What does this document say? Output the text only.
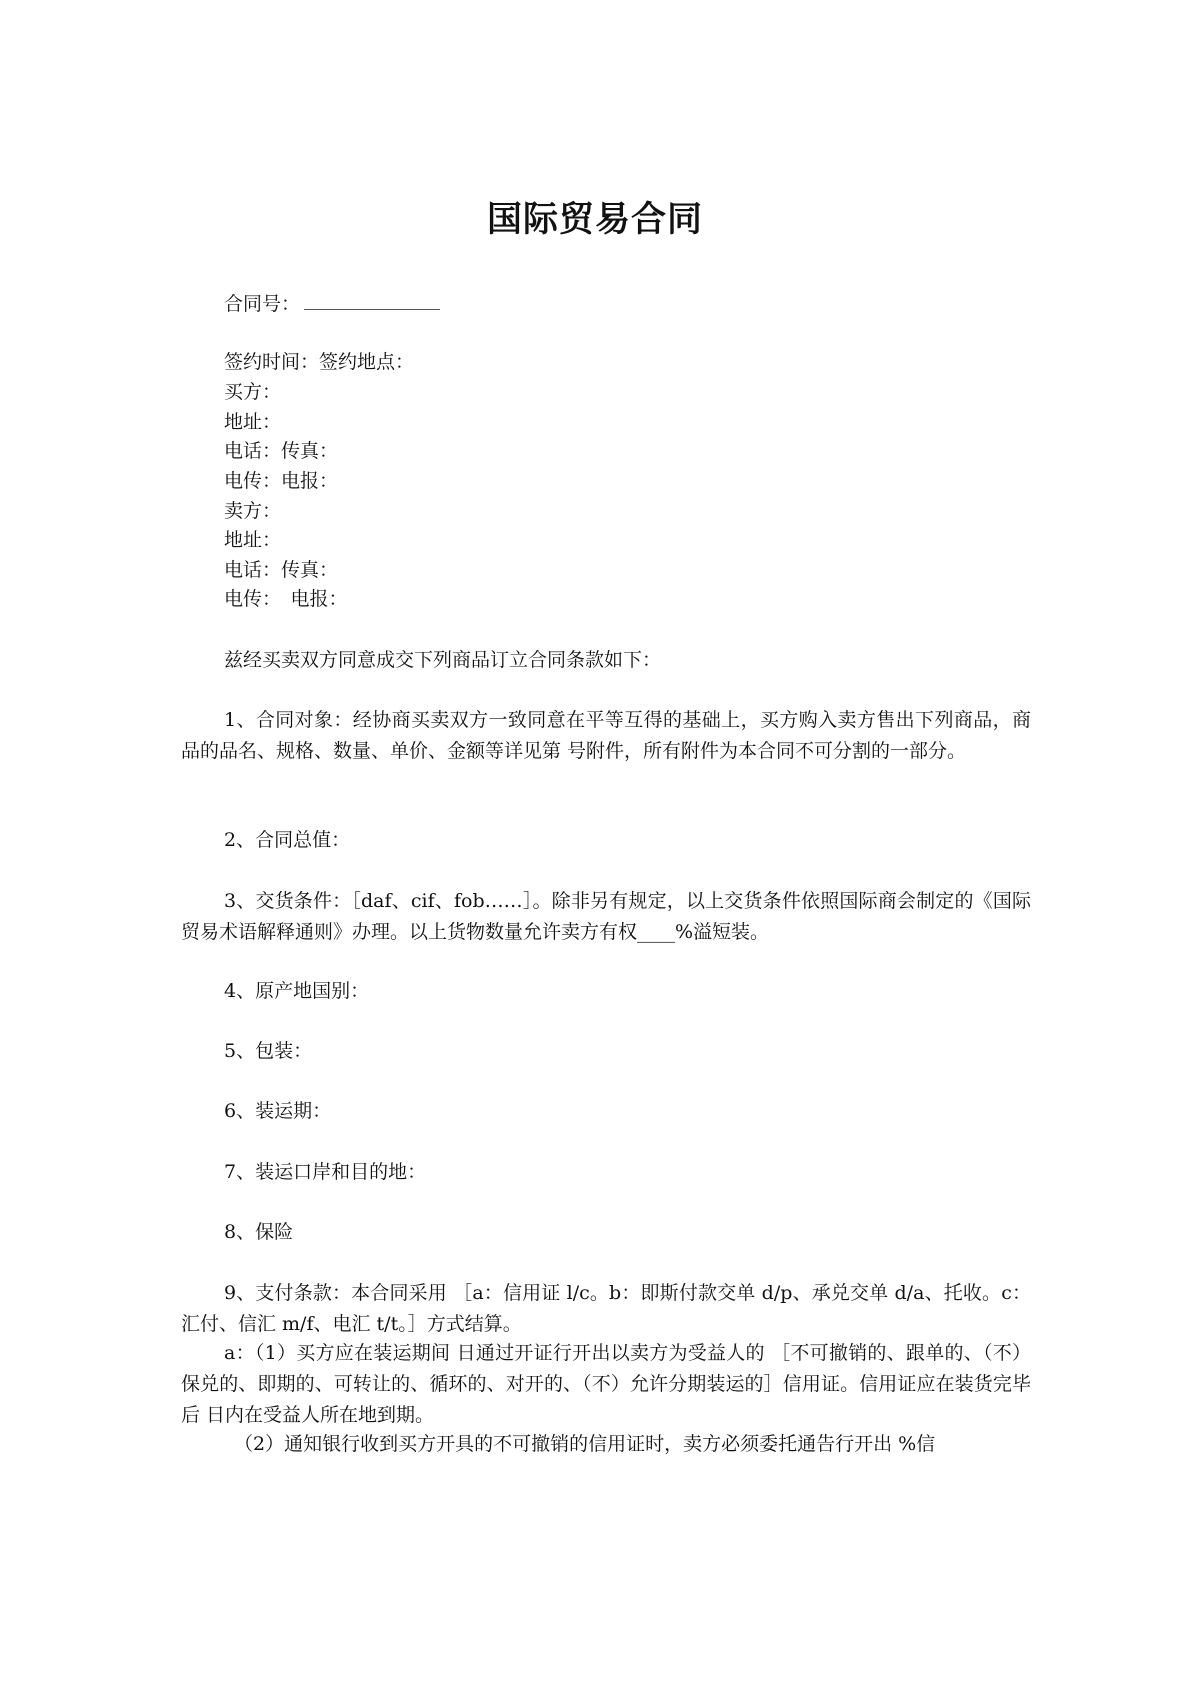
国际贸易合同

合同号：

签约时间：签约地点：

买方：

地址：

电话：传真：

电传：电报：

卖方：

地址：

电话：传真：

电传：　电报：

兹经买卖双方同意成交下列商品订立合同条款如下：

1、合同对象：经协商买卖双方一致同意在平等互得的基础上，买方购入卖方售出下列商品，商品的品名、规格、数量、单价、金额等详见第 号附件，所有附件为本合同不可分割的一部分。

2、合同总值：

3、交货条件：［daf、cif、fob……］。除非另有规定，以上交货条件依照国际商会制定的《国际贸易术语解释通则》办理。以上货物数量允许卖方有权____%溢短装。

4、原产地国别：

5、包装：

6、装运期：

7、装运口岸和目的地：

8、保险

9、支付条款：本合同采用 ［a：信用证 l/c。b：即斯付款交单 d/p、承兑交单 d/a、托收。c：汇付、信汇 m/f、电汇 t/t。］方式结算。

a：（1）买方应在装运期间 日通过开证行开出以卖方为受益人的 ［不可撤销的、跟单的、（不）保兑的、即期的、可转让的、循环的、对开的、（不）允许分期装运的］信用证。信用证应在装货完毕后 日内在受益人所在地到期。

（2）通知银行收到买方开具的不可撤销的信用证时，卖方必须委托通告行开出 %信
